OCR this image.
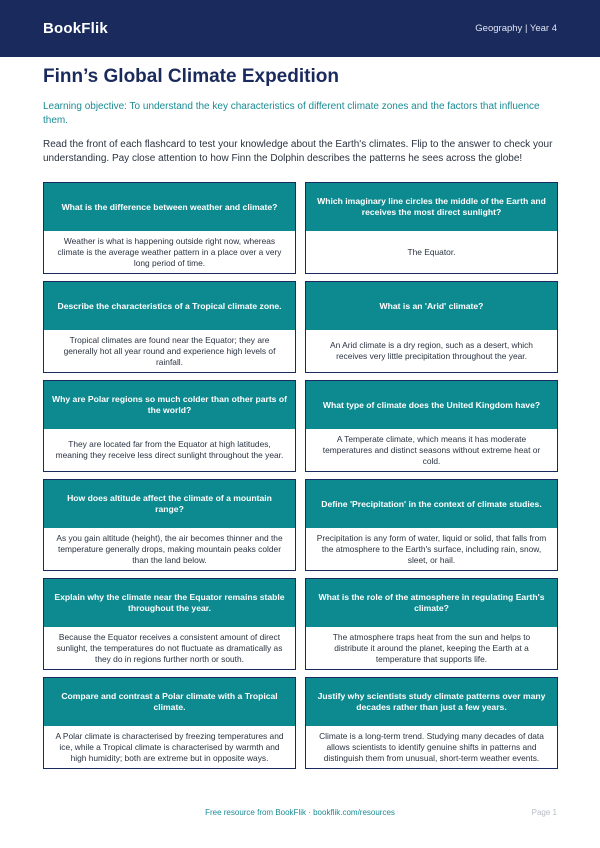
BookFlik	Geography | Year 4
Finn’s Global Climate Expedition

Learning objective: To understand the key characteristics of different climate zones and the factors that influence them.

Read the front of each flashcard to test your knowledge about the Earth's climates. Flip to the answer to check your understanding. Pay close attention to how Finn the Dolphin describes the patterns he sees across the globe!

What is the difference between weather and climate?
Weather is what is happening outside right now, whereas climate is the average weather pattern in a place over a very long period of time.
Which imaginary line circles the middle of the Earth and receives the most direct sunlight?
The Equator.
Describe the characteristics of a Tropical climate zone.
Tropical climates are found near the Equator; they are generally hot all year round and experience high levels of rainfall.
What is an 'Arid' climate?
An Arid climate is a dry region, such as a desert, which receives very little precipitation throughout the year.
Why are Polar regions so much colder than other parts of the world?
They are located far from the Equator at high latitudes, meaning they receive less direct sunlight throughout the year.
What type of climate does the United Kingdom have?
A Temperate climate, which means it has moderate temperatures and distinct seasons without extreme heat or cold.
How does altitude affect the climate of a mountain range?
As you gain altitude (height), the air becomes thinner and the temperature generally drops, making mountain peaks colder than the land below.
Define 'Precipitation' in the context of climate studies.
Precipitation is any form of water, liquid or solid, that falls from the atmosphere to the Earth's surface, including rain, snow, sleet, or hail.
Explain why the climate near the Equator remains stable throughout the year.
Because the Equator receives a consistent amount of direct sunlight, the temperatures do not fluctuate as dramatically as they do in regions further north or south.
What is the role of the atmosphere in regulating Earth's climate?
The atmosphere traps heat from the sun and helps to distribute it around the planet, keeping the Earth at a temperature that supports life.
Compare and contrast a Polar climate with a Tropical climate.
A Polar climate is characterised by freezing temperatures and ice, while a Tropical climate is characterised by warmth and high humidity; both are extreme but in opposite ways.
Justify why scientists study climate patterns over many decades rather than just a few years.
Climate is a long-term trend. Studying many decades of data allows scientists to identify genuine shifts in patterns and distinguish them from unusual, short-term weather events.
Free resource from BookFlik · bookflik.com/resources	Page 1
